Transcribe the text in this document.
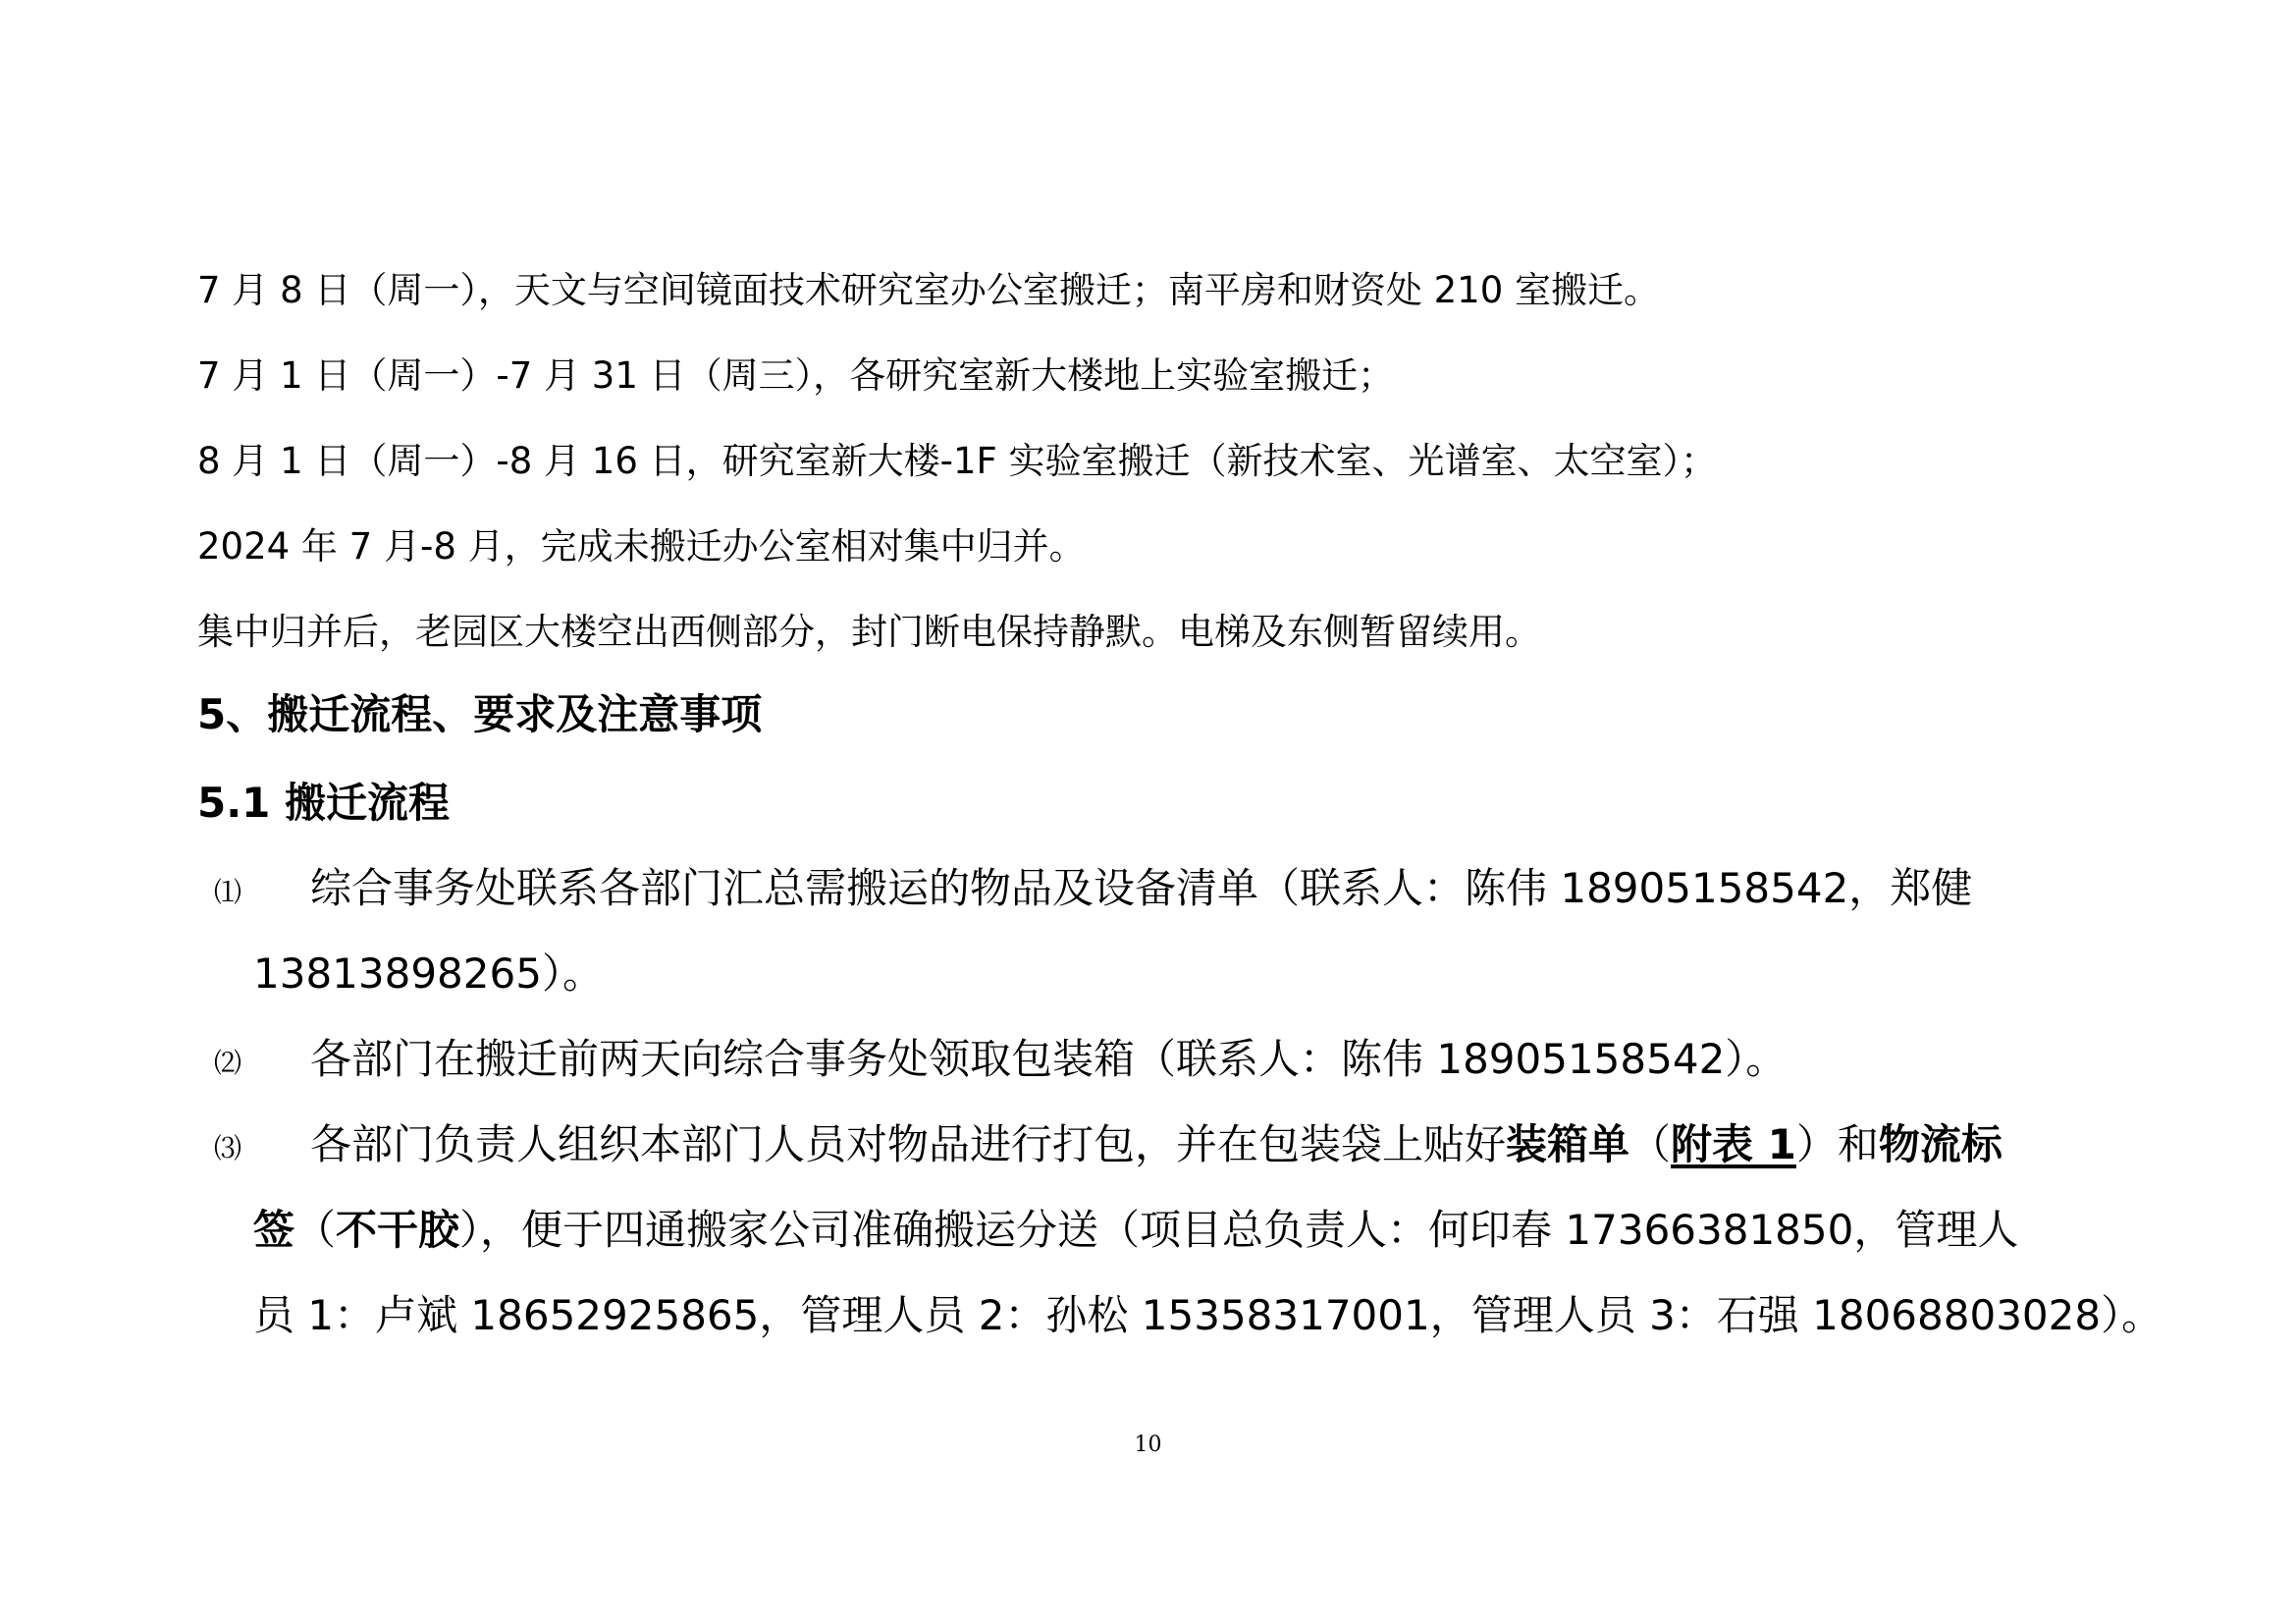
7 月 8 日（周一），天文与空间镜面技术研究室办公室搬迁；南平房和财资处 210 室搬迁。
7 月 1 日（周一）-7 月 31 日（周三），各研究室新大楼地上实验室搬迁；
8 月 1 日（周一）-8 月 16 日，研究室新大楼-1F 实验室搬迁（新技术室、光谱室、太空室）；
2024 年 7 月-8 月，完成未搬迁办公室相对集中归并。
集中归并后，老园区大楼空出西侧部分，封门断电保持静默。电梯及东侧暂留续用。
5、搬迁流程、要求及注意事项
5.1 搬迁流程
⑴ 综合事务处联系各部门汇总需搬运的物品及设备清单（联系人：陈伟 18905158542，郑健
13813898265）。
⑵ 各部门在搬迁前两天向综合事务处领取包装箱（联系人：陈伟 18905158542）。
⑶ 各部门负责人组织本部门人员对物品进行打包，并在包装袋上贴好装箱单（附表 1）和物流标
签（不干胶），便于四通搬家公司准确搬运分送（项目总负责人：何印春 17366381850，管理人
员 1：卢斌 18652925865，管理人员 2：孙松 15358317001，管理人员 3：石强 18068803028）。
10
